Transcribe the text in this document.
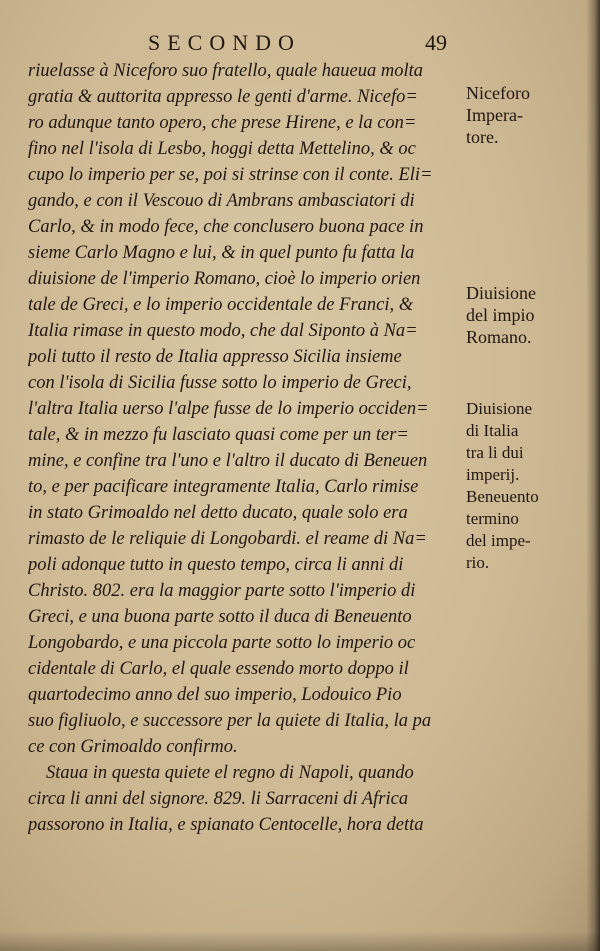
SECONDO	49
riuelasse à Niceforo suo fratello, quale haueua molta
gratia & auttorita appresso le genti d'arme. Nicefo=
ro adunque tanto opero, che prese Hirene, e la con=
fino nel l'isola di Lesbo, hoggi detta Mettelino, & oc
cupo lo imperio per se, poi si strinse con il conte. Eli=
gando, e con il Vescouo di Ambrans ambasciatori di
Carlo, & in modo fece, che conclusero buona pace in
sieme Carlo Magno e lui, & in quel punto fu fatta la
diuisione de l'imperio Romano, cioè lo imperio orien
tale de Greci, e lo imperio occidentale de Franci, &
Italia rimase in questo modo, che dal Siponto à Na=
poli tutto il resto de Italia appresso Sicilia insieme
con l'isola di Sicilia fusse sotto lo imperio de Greci,
l'altra Italia uerso l'alpe fusse de lo imperio occiden=
tale, & in mezzo fu lasciato quasi come per un ter=
mine, e confine tra l'uno e l'altro il ducato di Beneuen
to, e per pacificare integramente Italia, Carlo rimise
in stato Grimoaldo nel detto ducato, quale solo era
rimasto de le reliquie di Longobardi. el reame di Na=
poli adonque tutto in questo tempo, circa li anni di
Christo. 802. era la maggior parte sotto l'imperio di
Greci, e una buona parte sotto il duca di Beneuento
Longobardo, e una piccola parte sotto lo imperio oc
cidentale di Carlo, el quale essendo morto doppo il
quartodecimo anno del suo imperio, Lodouico Pio
suo figliuolo, e successore per la quiete di Italia, la pa
ce con Grimoaldo confirmo.
Staua in questa quiete el regno di Napoli, quando
circa li anni del signore. 829. li Sarraceni di Africa
passorono in Italia, e spianato Centocelle, hora detta
Niceforo
Impera-
tore.
Diuisione
del impio
Romano.
Diuisione
di Italia
tra li dui
imperij.
Beneuento
termino
del impe-
rio.
